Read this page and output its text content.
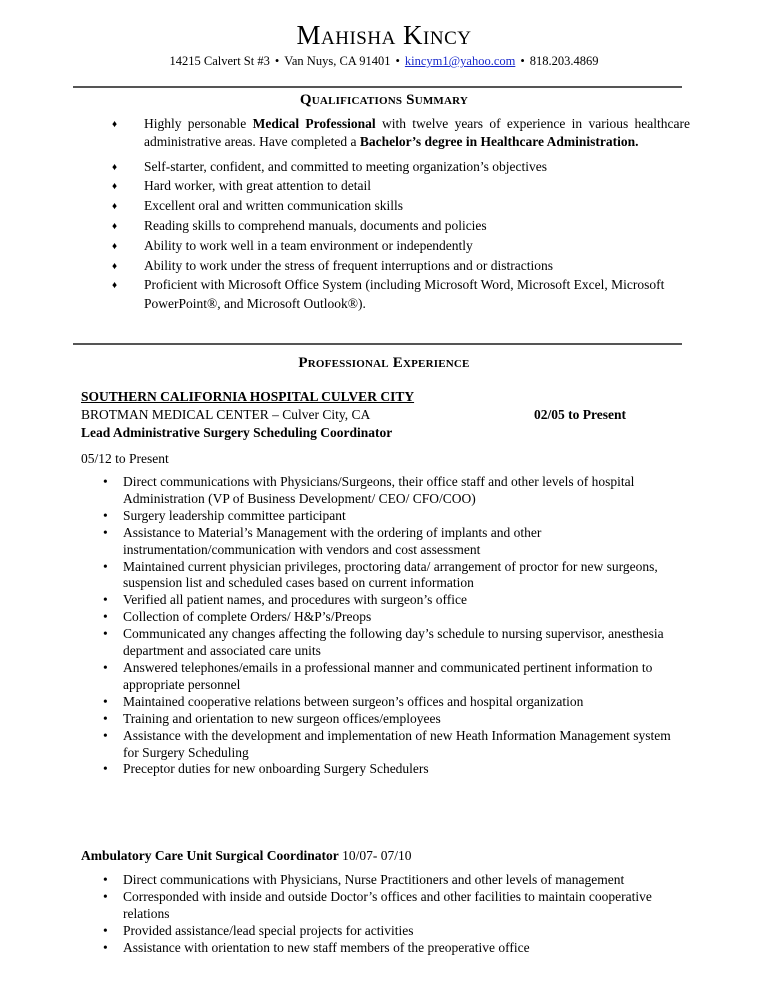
Mahisha Kincy
14215 Calvert St #3 • Van Nuys, CA 91401 • kincym1@yahoo.com • 818.203.4869
Qualifications Summary
♦ Highly personable Medical Professional with twelve years of experience in various healthcare administrative areas. Have completed a Bachelor’s degree in Healthcare Administration.
♦ Self-starter, confident, and committed to meeting organization’s objectives
♦ Hard worker, with great attention to detail
♦ Excellent oral and written communication skills
♦ Reading skills to comprehend manuals, documents and policies
♦ Ability to work well in a team environment or independently
♦ Ability to work under the stress of frequent interruptions and or distractions
♦ Proficient with Microsoft Office System (including Microsoft Word, Microsoft Excel, Microsoft PowerPoint®, and Microsoft Outlook®).
Professional Experience
SOUTHERN CALIFORNIA HOSPITAL CULVER CITY
BROTMAN MEDICAL CENTER – Culver City, CA	02/05 to Present
Lead Administrative Surgery Scheduling Coordinator
05/12 to Present
• Direct communications with Physicians/Surgeons, their office staff and other levels of hospital Administration (VP of Business Development/ CEO/ CFO/COO)
• Surgery leadership committee participant
• Assistance to Material’s Management with the ordering of implants and other instrumentation/communication with vendors and cost assessment
• Maintained current physician privileges, proctoring data/ arrangement of proctor for new surgeons, suspension list and scheduled cases based on current information
• Verified all patient names, and procedures with surgeon’s office
• Collection of complete Orders/ H&P’s/Preops
• Communicated any changes affecting the following day’s schedule to nursing supervisor, anesthesia department and associated care units
• Answered telephones/emails in a professional manner and communicated pertinent information to appropriate personnel
• Maintained cooperative relations between surgeon’s offices and hospital organization
• Training and orientation to new surgeon offices/employees
• Assistance with the development and implementation of new Heath Information Management system for Surgery Scheduling
• Preceptor duties for new onboarding Surgery Schedulers
Ambulatory Care Unit Surgical Coordinator 10/07- 07/10
• Direct communications with Physicians, Nurse Practitioners and other levels of management
• Corresponded with inside and outside Doctor’s offices and other facilities to maintain cooperative relations
• Provided assistance/lead special projects for activities
• Assistance with orientation to new staff members of the preoperative office
